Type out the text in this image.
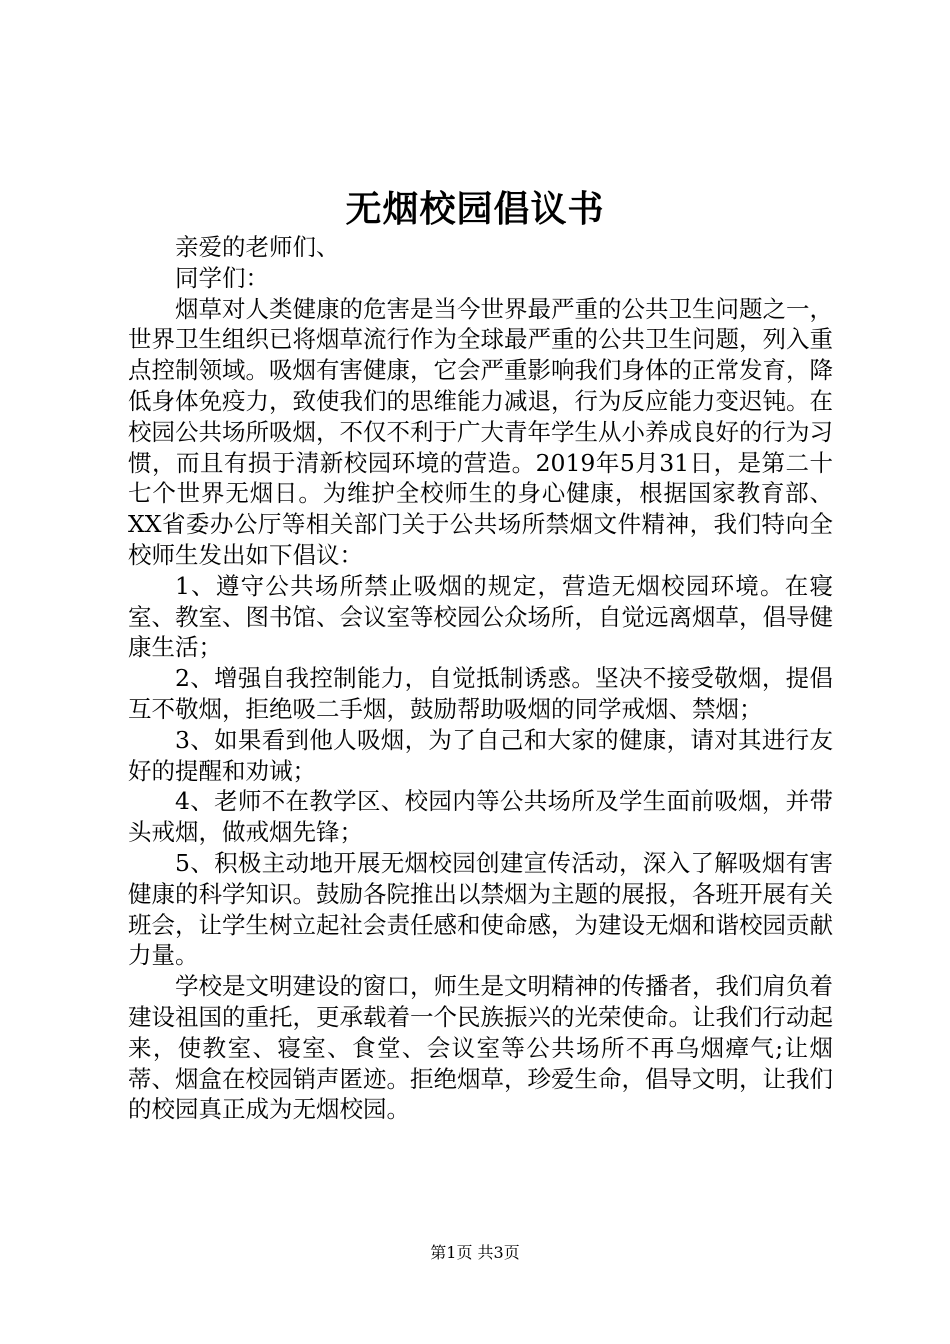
无烟校园倡议书

亲爱的老师们、

同学们：

烟草对人类健康的危害是当今世界最严重的公共卫生问题之一，世界卫生组织已将烟草流行作为全球最严重的公共卫生问题，列入重点控制领域。吸烟有害健康，它会严重影响我们身体的正常发育，降低身体免疫力，致使我们的思维能力减退，行为反应能力变迟钝。在校园公共场所吸烟，不仅不利于广大青年学生从小养成良好的行为习惯，而且有损于清新校园环境的营造。2019年5月31日，是第二十七个世界无烟日。为维护全校师生的身心健康，根据国家教育部、XX省委办公厅等相关部门关于公共场所禁烟文件精神，我们特向全校师生发出如下倡议：

1、遵守公共场所禁止吸烟的规定，营造无烟校园环境。在寝室、教室、图书馆、会议室等校园公众场所，自觉远离烟草，倡导健康生活；

2、增强自我控制能力，自觉抵制诱惑。坚决不接受敬烟，提倡互不敬烟，拒绝吸二手烟，鼓励帮助吸烟的同学戒烟、禁烟；

3、如果看到他人吸烟，为了自己和大家的健康，请对其进行友好的提醒和劝诫；

4、老师不在教学区、校园内等公共场所及学生面前吸烟，并带头戒烟，做戒烟先锋；

5、积极主动地开展无烟校园创建宣传活动，深入了解吸烟有害健康的科学知识。鼓励各院推出以禁烟为主题的展报，各班开展有关班会，让学生树立起社会责任感和使命感，为建设无烟和谐校园贡献力量。

学校是文明建设的窗口，师生是文明精神的传播者，我们肩负着建设祖国的重托，更承载着一个民族振兴的光荣使命。让我们行动起来，使教室、寝室、食堂、会议室等公共场所不再乌烟瘴气;让烟蒂、烟盒在校园销声匿迹。拒绝烟草，珍爱生命，倡导文明，让我们的校园真正成为无烟校园。

第1页 共3页
